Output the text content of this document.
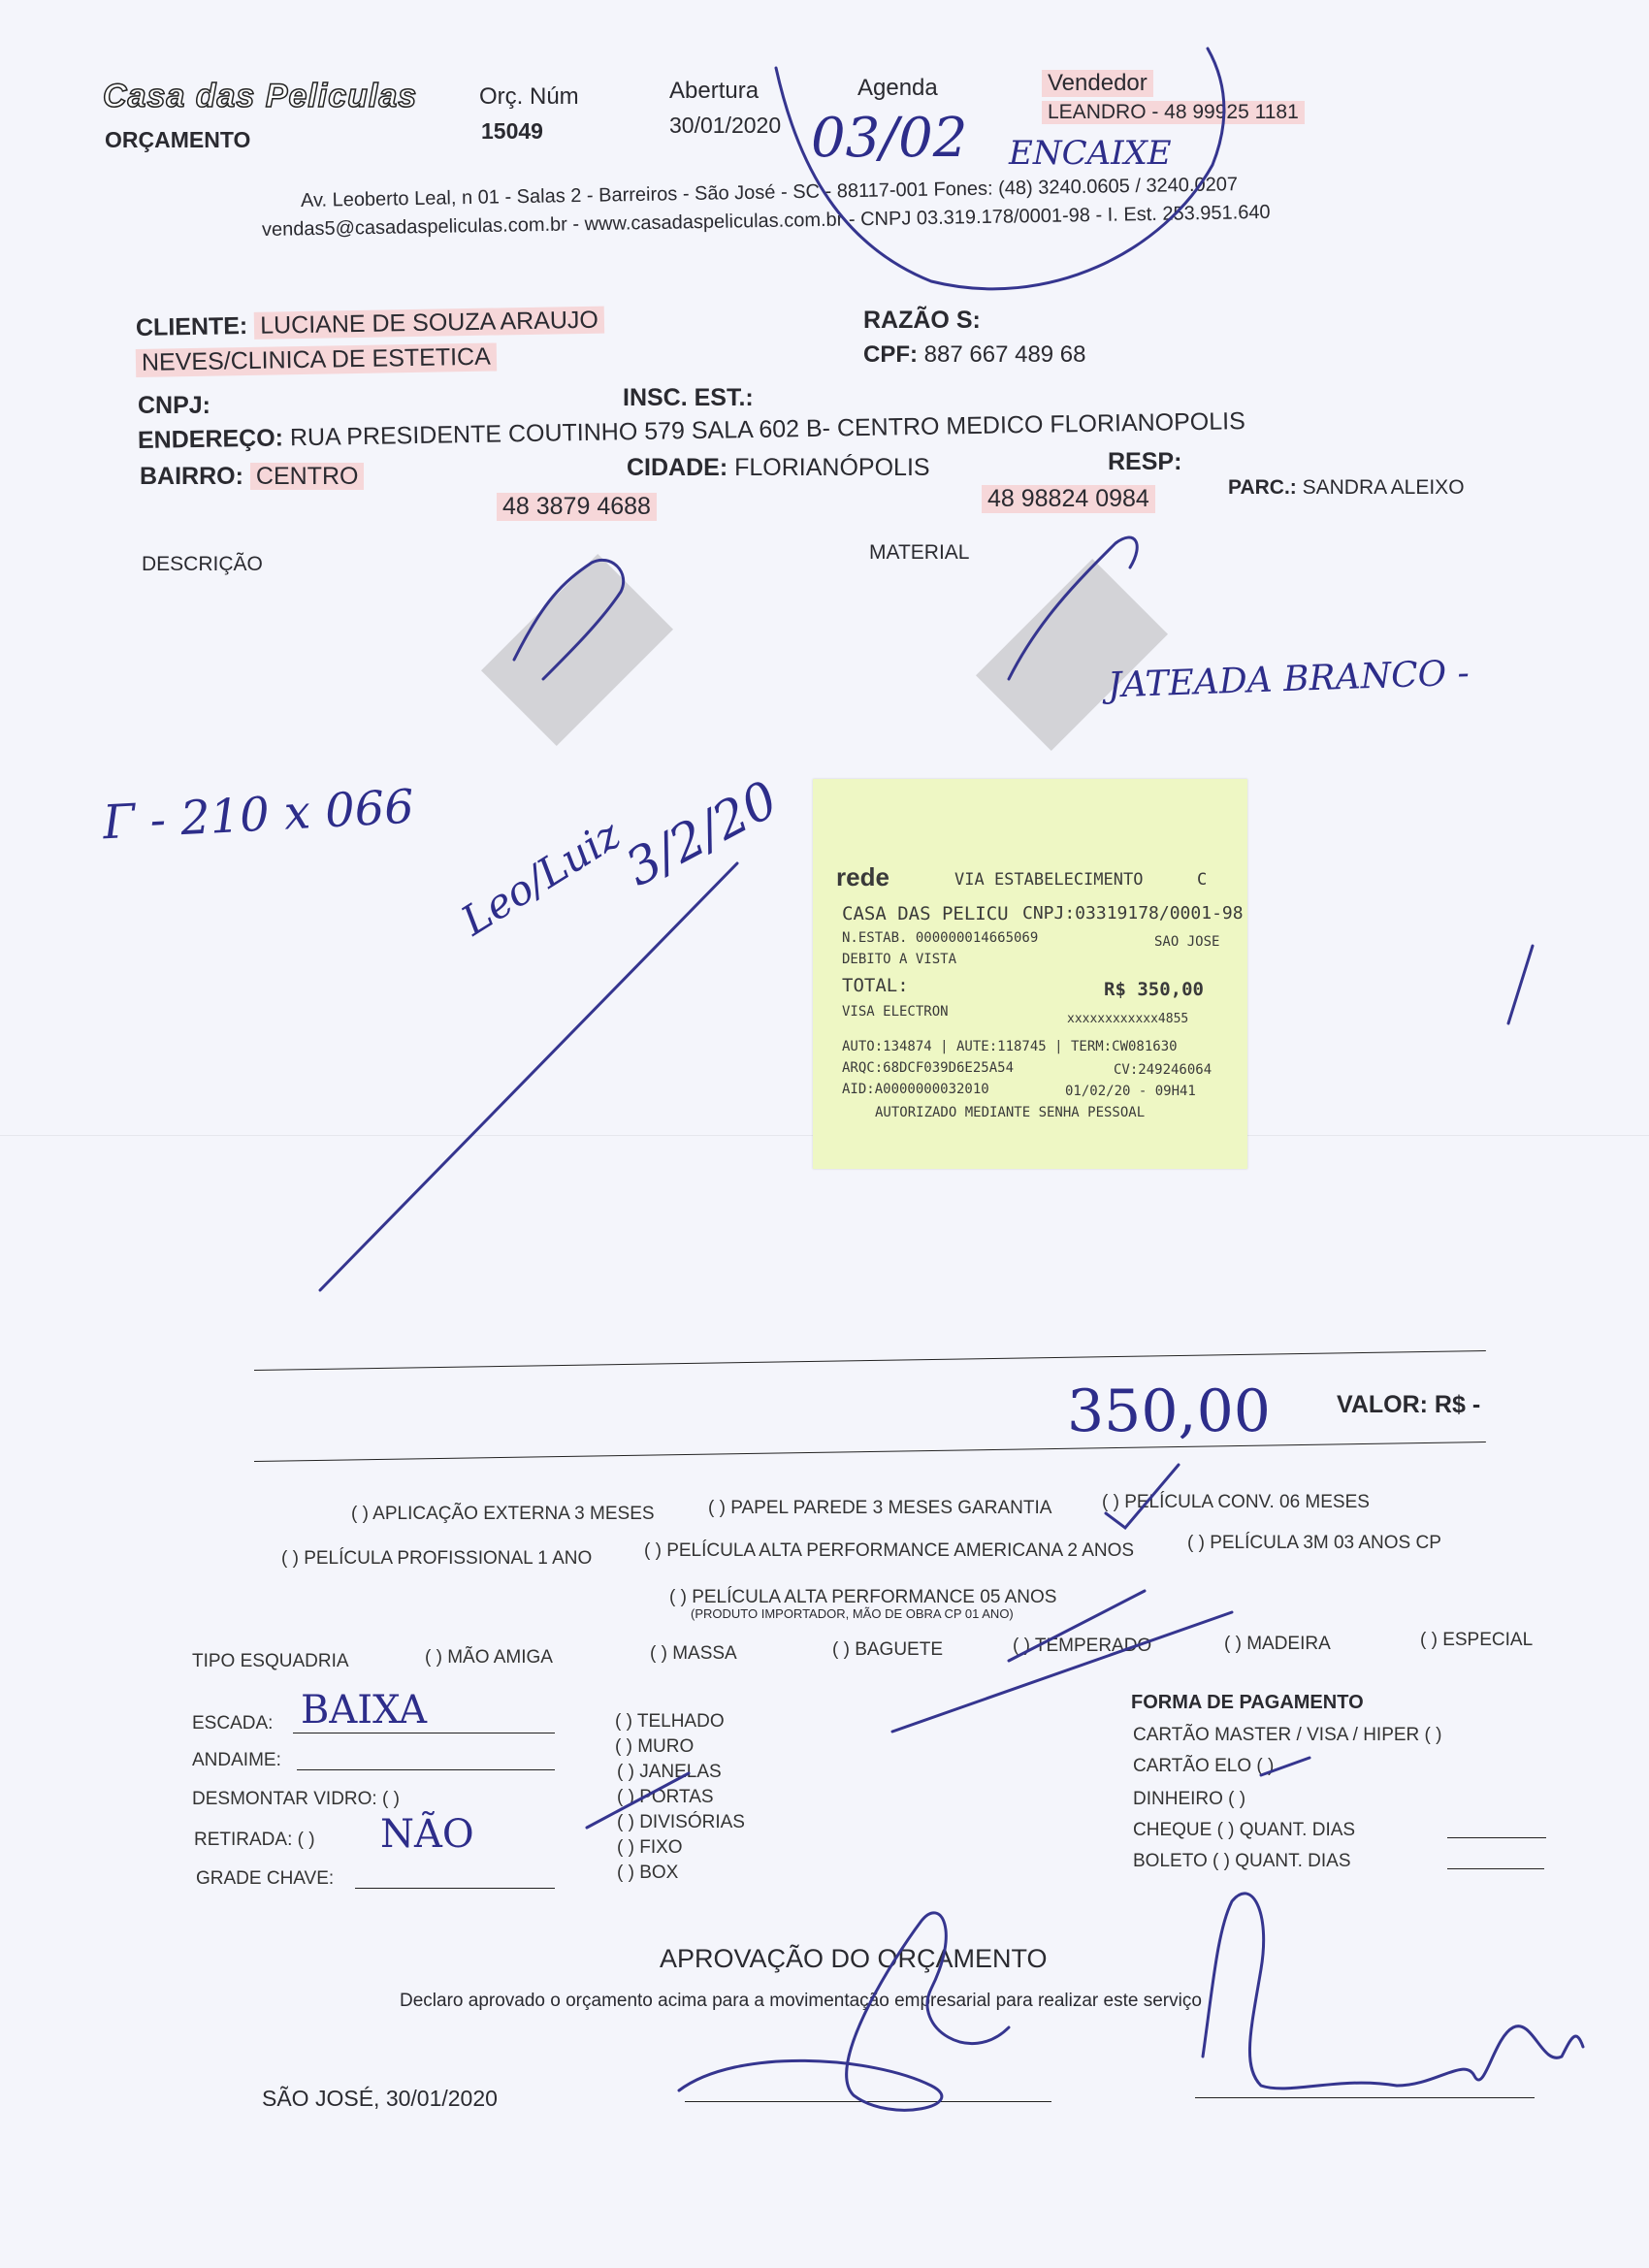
Casa das Peliculas
ORÇAMENTO
Orç. Núm
15049
Abertura
30/01/2020
Agenda
03/02 ENCAIXE
Vendedor
LEANDRO - 48 99925 1181
Av. Leoberto Leal, n 01 - Salas 2 - Barreiros - São José - SC - 88117-001 Fones: (48) 3240.0605 / 3240.0207
vendas5@casadaspeliculas.com.br - www.casadaspeliculas.com.br - CNPJ 03.319.178/0001-98 - I. Est. 253.951.640
CLIENTE: LUCIANE DE SOUZA ARAUJO
NEVES/CLINICA DE ESTETICA
RAZÃO S:
CPF: 887 667 489 68
CNPJ:	INSC. EST.:
ENDEREÇO: RUA PRESIDENTE COUTINHO 579 SALA 602 B- CENTRO MEDICO FLORIANOPOLIS
BAIRRO: CENTRO	CIDADE: FLORIANÓPOLIS	RESP:
48 3879 4688	48 98824 0984	PARC.: SANDRA ALEIXO
DESCRIÇÃO
MATERIAL
JATEADA BRANCO -
Γ - 210 x 066	3/2/20
Leo/Luiz	rede	VIA ESTABELECIMENTO	C
CASA DAS PELICU CNPJ:03319178/0001-98
N.ESTAB. 000000014665069	SAO JOSE
DEBITO A VISTA
TOTAL:	R$ 350,00
VISA ELECTRON	xxxxxxxxxxxx4855
AUTO:134874 | AUTE:118745 | TERM:CW081630
ARQC:68DCF039D6E25A54	CV:249246064
AID:A0000000032010	01/02/20 - 09H41
AUTORIZADO MEDIANTE SENHA PESSOAL
350,00	VALOR: R$ -
( ) APLICAÇÃO EXTERNA 3 MESES	( ) PAPEL PAREDE 3 MESES GARANTIA	( ) PELÍCULA CONV. 06 MESES
( ) PELÍCULA PROFISSIONAL 1 ANO	( ) PELÍCULA ALTA PERFORMANCE AMERICANA 2 ANOS	( ) PELÍCULA 3M 03 ANOS CP
( ) PELÍCULA ALTA PERFORMANCE 05 ANOS
(PRODUTO IMPORTADOR, MÃO DE OBRA CP 01 ANO)
TIPO ESQUADRIA	( ) MÃO AMIGA	( ) MASSA	( ) BAGUETE	( ) TEMPERADO	( ) MADEIRA	( ) ESPECIAL
ESCADA: BAIXA
ANDAIME:
DESMONTAR VIDRO: ( )
RETIRADA: ( ) NÃO
GRADE CHAVE:
( ) TELHADO
( ) MURO
( ) JANELAS
( ) PORTAS
( ) DIVISÓRIAS
( ) FIXO
( ) BOX
FORMA DE PAGAMENTO
CARTÃO MASTER / VISA / HIPER ( )
CARTÃO ELO ( )
DINHEIRO ( )
CHEQUE ( ) QUANT. DIAS
BOLETO ( ) QUANT. DIAS
APROVAÇÃO DO ORÇAMENTO
Declaro aprovado o orçamento acima para a movimentação empresarial para realizar este serviço
SÃO JOSÉ, 30/01/2020
